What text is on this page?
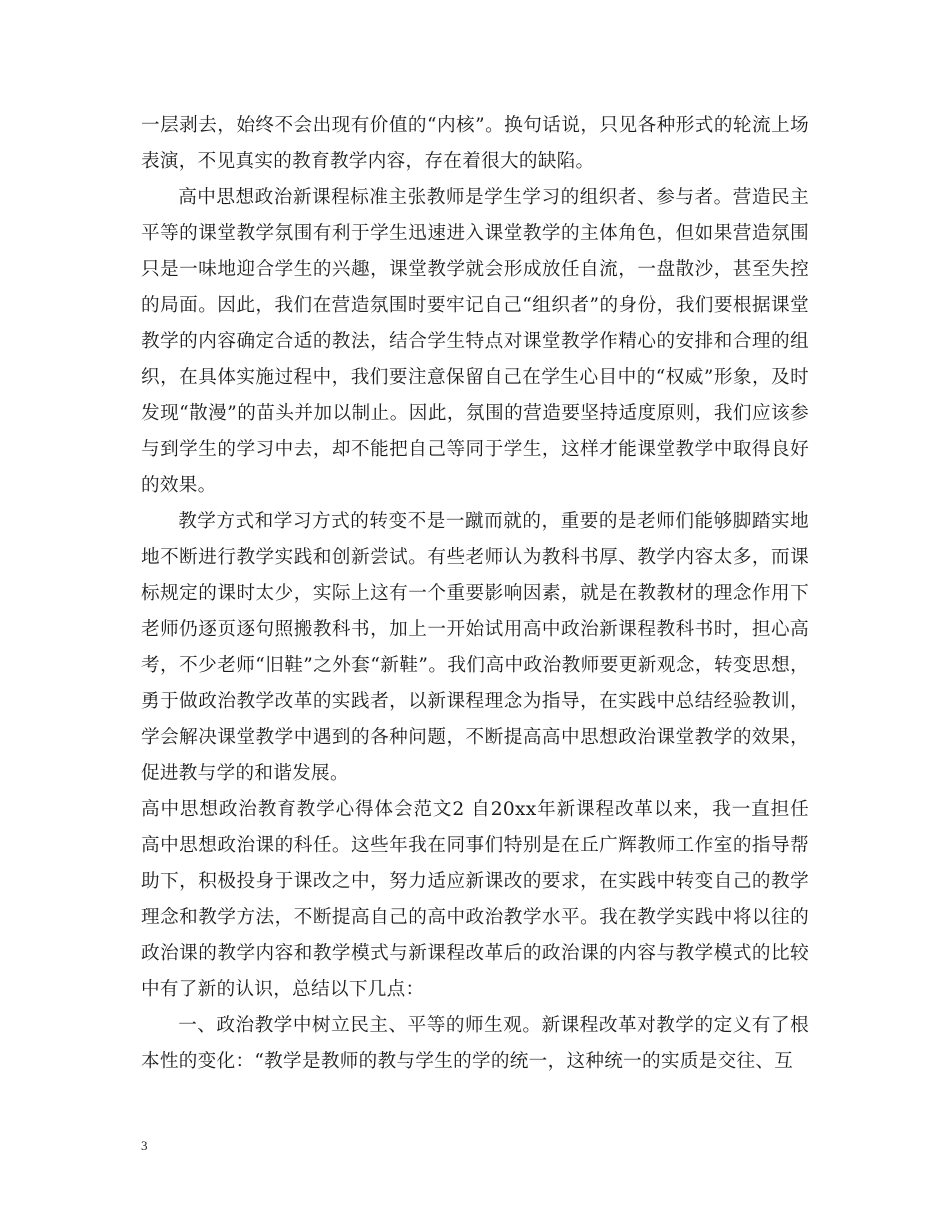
一层剥去，始终不会出现有价值的“内核”。换句话说，只见各种形式的轮流上场表演，不见真实的教育教学内容，存在着很大的缺陷。

高中思想政治新课程标准主张教师是学生学习的组织者、参与者。营造民主平等的课堂教学氛围有利于学生迅速进入课堂教学的主体角色，但如果营造氛围只是一味地迎合学生的兴趣，课堂教学就会形成放任自流，一盘散沙，甚至失控的局面。因此，我们在营造氛围时要牢记自己“组织者”的身份，我们要根据课堂教学的内容确定合适的教法，结合学生特点对课堂教学作精心的安排和合理的组织，在具体实施过程中，我们要注意保留自己在学生心目中的“权威”形象，及时发现“散漫”的苗头并加以制止。因此，氛围的营造要坚持适度原则，我们应该参与到学生的学习中去，却不能把自己等同于学生，这样才能课堂教学中取得良好的效果。

教学方式和学习方式的转变不是一蹴而就的，重要的是老师们能够脚踏实地地不断进行教学实践和创新尝试。有些老师认为教科书厚、教学内容太多，而课标规定的课时太少，实际上这有一个重要影响因素，就是在教教材的理念作用下老师仍逐页逐句照搬教科书，加上一开始试用高中政治新课程教科书时，担心高考，不少老师“旧鞋”之外套“新鞋”。我们高中政治教师要更新观念，转变思想，勇于做政治教学改革的实践者，以新课程理念为指导，在实践中总结经验教训，学会解决课堂教学中遇到的各种问题，不断提高高中思想政治课堂教学的效果，促进教与学的和谐发展。

高中思想政治教育教学心得体会范文2 自20xx年新课程改革以来，我一直担任高中思想政治课的科任。这些年我在同事们特别是在丘广辉教师工作室的指导帮助下，积极投身于课改之中，努力适应新课改的要求，在实践中转变自己的教学理念和教学方法，不断提高自己的高中政治教学水平。我在教学实践中将以往的政治课的教学内容和教学模式与新课程改革后的政治课的内容与教学模式的比较中有了新的认识，总结以下几点：

一、政治教学中树立民主、平等的师生观。新课程改革对教学的定义有了根本性的变化：“教学是教师的教与学生的学的统一，这种统一的实质是交往、互

3
